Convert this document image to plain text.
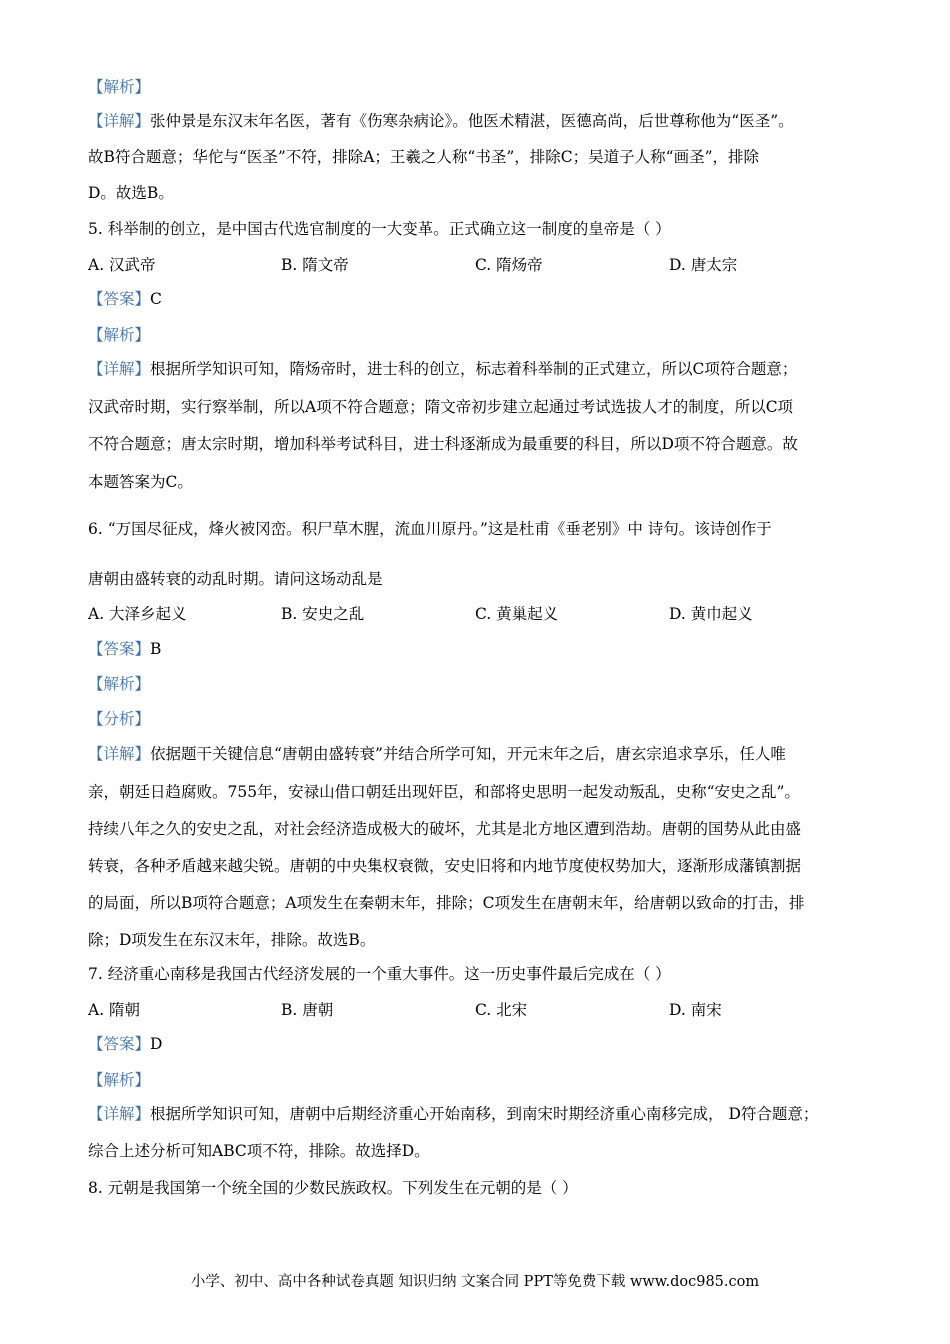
【解析】
【详解】张仲景是东汉末年名医，著有《伤寒杂病论》。他医术精湛，医德高尚，后世尊称他为“医圣”。
故B符合题意；华佗与“医圣”不符，排除A；王羲之人称“书圣”，排除C；吴道子人称“画圣”，排除
D。故选B。
5. 科举制的创立，是中国古代选官制度的一大变革。正式确立这一制度的皇帝是（ ）
A. 汉武帝	B. 隋文帝	C. 隋炀帝	D. 唐太宗
【答案】C
【解析】
【详解】根据所学知识可知，隋炀帝时，进士科的创立，标志着科举制的正式建立，所以C项符合题意；
汉武帝时期，实行察举制，所以A项不符合题意；隋文帝初步建立起通过考试选拔人才的制度，所以C项
不符合题意；唐太宗时期，增加科举考试科目，进士科逐渐成为最重要的科目，所以D项不符合题意。故
本题答案为C。
6. “万国尽征戍，烽火被冈峦。积尸草木腥，流血川原丹。”这是杜甫《垂老别》中 诗句。该诗创作于
唐朝由盛转衰的动乱时期。请问这场动乱是
A. 大泽乡起义	B. 安史之乱	C. 黄巢起义	D. 黄巾起义
【答案】B
【解析】
【分析】
【详解】依据题干关键信息“唐朝由盛转衰”并结合所学可知，开元末年之后，唐玄宗追求享乐，任人唯
亲，朝廷日趋腐败。755年，安禄山借口朝廷出现奸臣，和部将史思明一起发动叛乱，史称“安史之乱”。
持续八年之久的安史之乱，对社会经济造成极大的破坏，尤其是北方地区遭到浩劫。唐朝的国势从此由盛
转衰，各种矛盾越来越尖锐。唐朝的中央集权衰微，安史旧将和内地节度使权势加大，逐渐形成藩镇割据
的局面，所以B项符合题意；A项发生在秦朝末年，排除；C项发生在唐朝末年，给唐朝以致命的打击，排
除；D项发生在东汉末年，排除。故选B。
7. 经济重心南移是我国古代经济发展的一个重大事件。这一历史事件最后完成在（ ）
A. 隋朝	B. 唐朝	C. 北宋	D. 南宋
【答案】D
【解析】
【详解】根据所学知识可知，唐朝中后期经济重心开始南移，到南宋时期经济重心南移完成， D符合题意；
综合上述分析可知ABC项不符，排除。故选择D。
8. 元朝是我国第一个统全国的少数民族政权。下列发生在元朝的是（ ）
小学、初中、高中各种试卷真题 知识归纳 文案合同 PPT等免费下载 www.doc985.com
